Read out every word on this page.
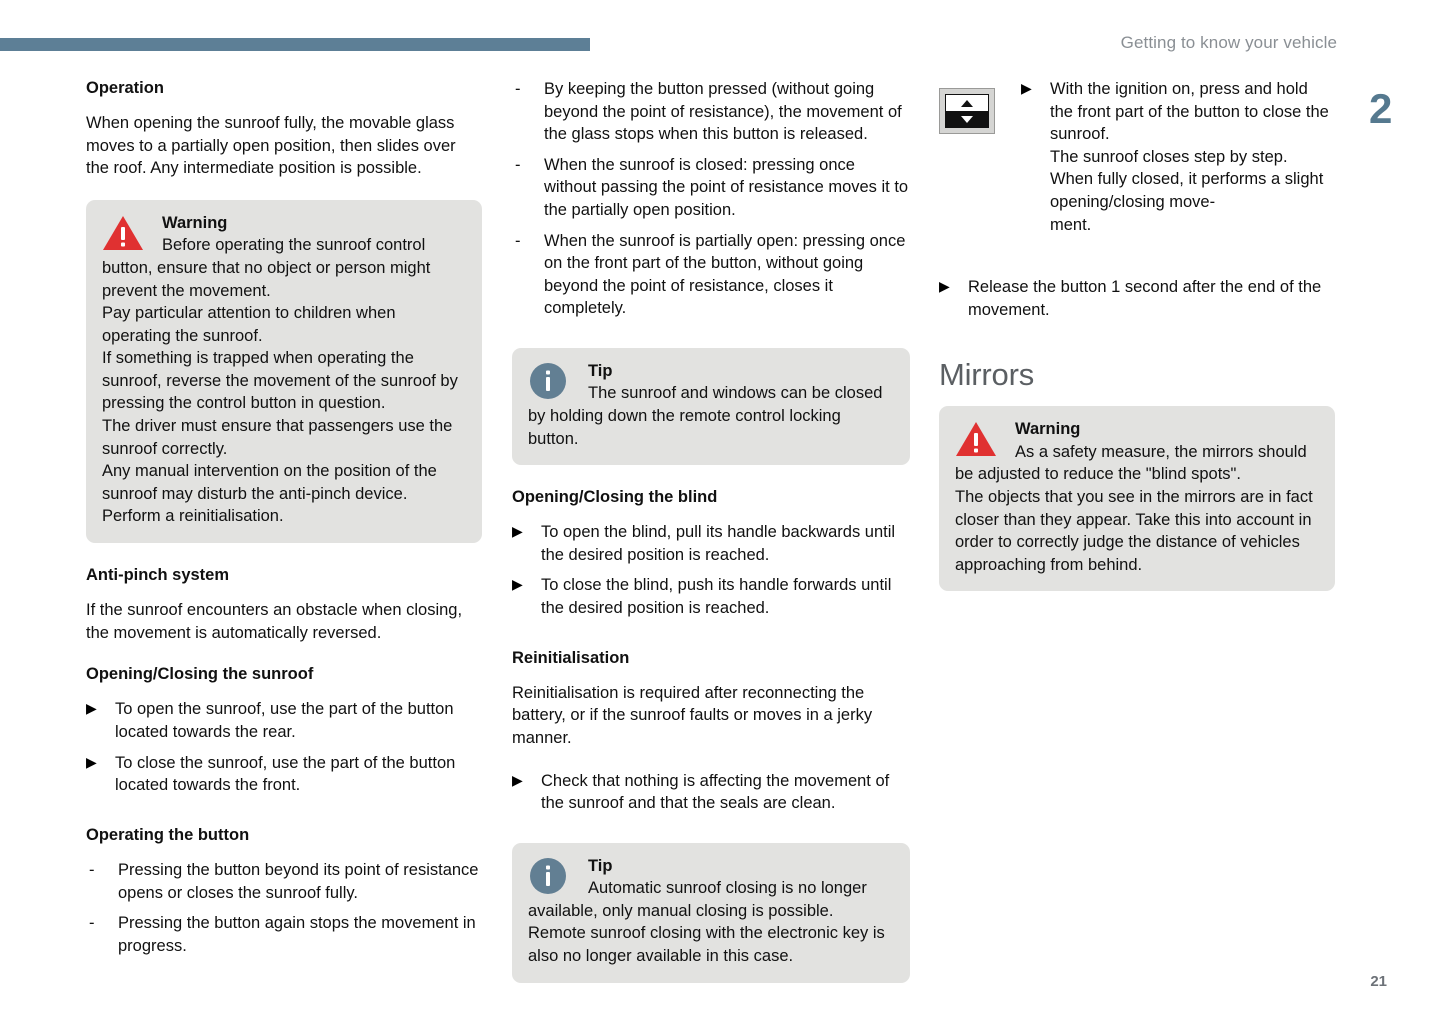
Getting to know your vehicle
2
21
Operation

When opening the sunroof fully, the movable glass moves to a partially open position, then slides over the roof. Any intermediate position is possible.

Warning

Before operating the sunroof control button, ensure that no object or person might prevent the movement.
Pay particular attention to children when operating the sunroof.
If something is trapped when operating the sunroof, reverse the movement of the sunroof by pressing the control button in question.
The driver must ensure that passengers use the sunroof correctly.
Any manual intervention on the position of the sunroof may disturb the anti-pinch device. Perform a reinitialisation.

Anti-pinch system

If the sunroof encounters an obstacle when closing, the movement is automatically reversed.

Opening/Closing the sunroof
▶ To open the sunroof, use the part of the button located towards the rear.
▶ To close the sunroof, use the part of the button located towards the front.
Operating the button
- Pressing the button beyond its point of resistance opens or closes the sunroof fully.
- Pressing the button again stops the movement in progress.
- By keeping the button pressed (without going beyond the point of resistance), the movement of the glass stops when this button is released.
- When the sunroof is closed: pressing once without passing the point of resistance moves it to the partially open position.
- When the sunroof is partially open: pressing once on the front part of the button, without going beyond the point of resistance, closes it completely.
Tip

The sunroof and windows can be closed by holding down the remote control locking button.

Opening/Closing the blind
▶ To open the blind, pull its handle backwards until the desired position is reached.
▶ To close the blind, push its handle forwards until the desired position is reached.
Reinitialisation

Reinitialisation is required after reconnecting the battery, or if the sunroof faults or moves in a jerky manner.

▶ Check that nothing is affecting the movement of the sunroof and that the seals are clean.
Tip

Automatic sunroof closing is no longer available, only manual closing is possible. Remote sunroof closing with the electronic key is also no longer available in this case.

▶ With the ignition on, press and hold the front part of the button to close the sunroof.
The sunroof closes step by step. When fully closed, it performs a slight opening/closing move-
ment.
▶ Release the button 1 second after the end of the movement.
Mirrors
Warning

As a safety measure, the mirrors should be adjusted to reduce the "blind spots".
The objects that you see in the mirrors are in fact closer than they appear. Take this into account in order to correctly judge the distance of vehicles approaching from behind.
